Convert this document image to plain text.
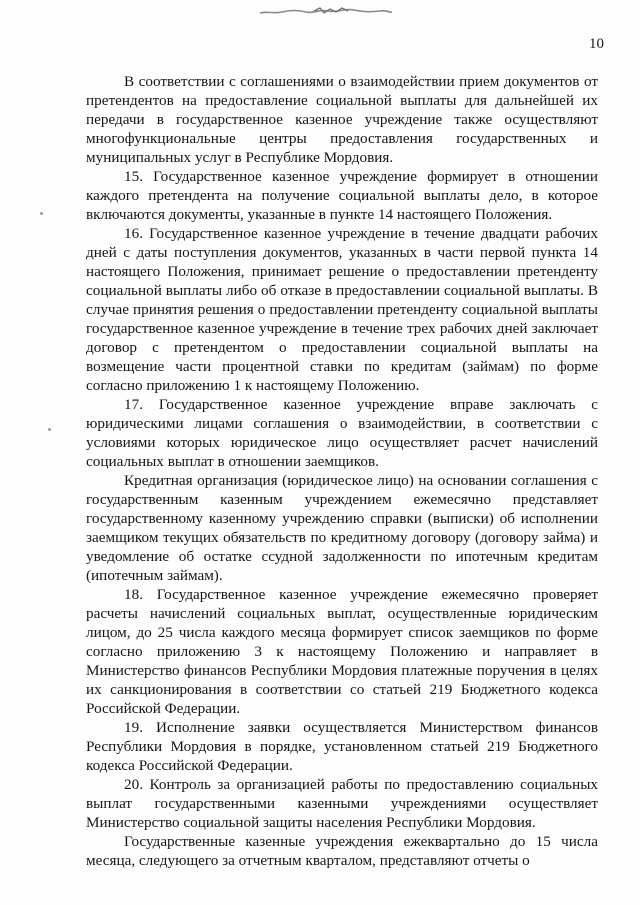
10

В соответствии с соглашениями о взаимодействии прием документов от претендентов на предоставление социальной выплаты для дальнейшей их передачи в государственное казенное учреждение также осуществляют многофункциональные центры предоставления государственных и муниципальных услуг в Республике Мордовия.

15. Государственное казенное учреждение формирует в отношении каждого претендента на получение социальной выплаты дело, в которое включаются документы, указанные в пункте 14 настоящего Положения.

16. Государственное казенное учреждение в течение двадцати рабочих дней с даты поступления документов, указанных в части первой пункта 14 настоящего Положения, принимает решение о предоставлении претенденту социальной выплаты либо об отказе в предоставлении социальной выплаты. В случае принятия решения о предоставлении претенденту социальной выплаты государственное казенное учреждение в течение трех рабочих дней заключает договор с претендентом о предоставлении социальной выплаты на возмещение части процентной ставки по кредитам (займам) по форме согласно приложению 1 к настоящему Положению.

17. Государственное казенное учреждение вправе заключать с юридическими лицами соглашения о взаимодействии, в соответствии с условиями которых юридическое лицо осуществляет расчет начислений социальных выплат в отношении заемщиков.

Кредитная организация (юридическое лицо) на основании соглашения с государственным казенным учреждением ежемесячно представляет государственному казенному учреждению справки (выписки) об исполнении заемщиком текущих обязательств по кредитному договору (договору займа) и уведомление об остатке ссудной задолженности по ипотечным кредитам (ипотечным займам).

18. Государственное казенное учреждение ежемесячно проверяет расчеты начислений социальных выплат, осуществленные юридическим лицом, до 25 числа каждого месяца формирует список заемщиков по форме согласно приложению 3 к настоящему Положению и направляет в Министерство финансов Республики Мордовия платежные поручения в целях их санкционирования в соответствии со статьей 219 Бюджетного кодекса Российской Федерации.

19. Исполнение заявки осуществляется Министерством финансов Республики Мордовия в порядке, установленном статьей 219 Бюджетного кодекса Российской Федерации.

20. Контроль за организацией работы по предоставлению социальных выплат государственными казенными учреждениями осуществляет Министерство социальной защиты населения Республики Мордовия.

Государственные казенные учреждения ежеквартально до 15 числа месяца, следующего за отчетным кварталом, представляют отчеты о
